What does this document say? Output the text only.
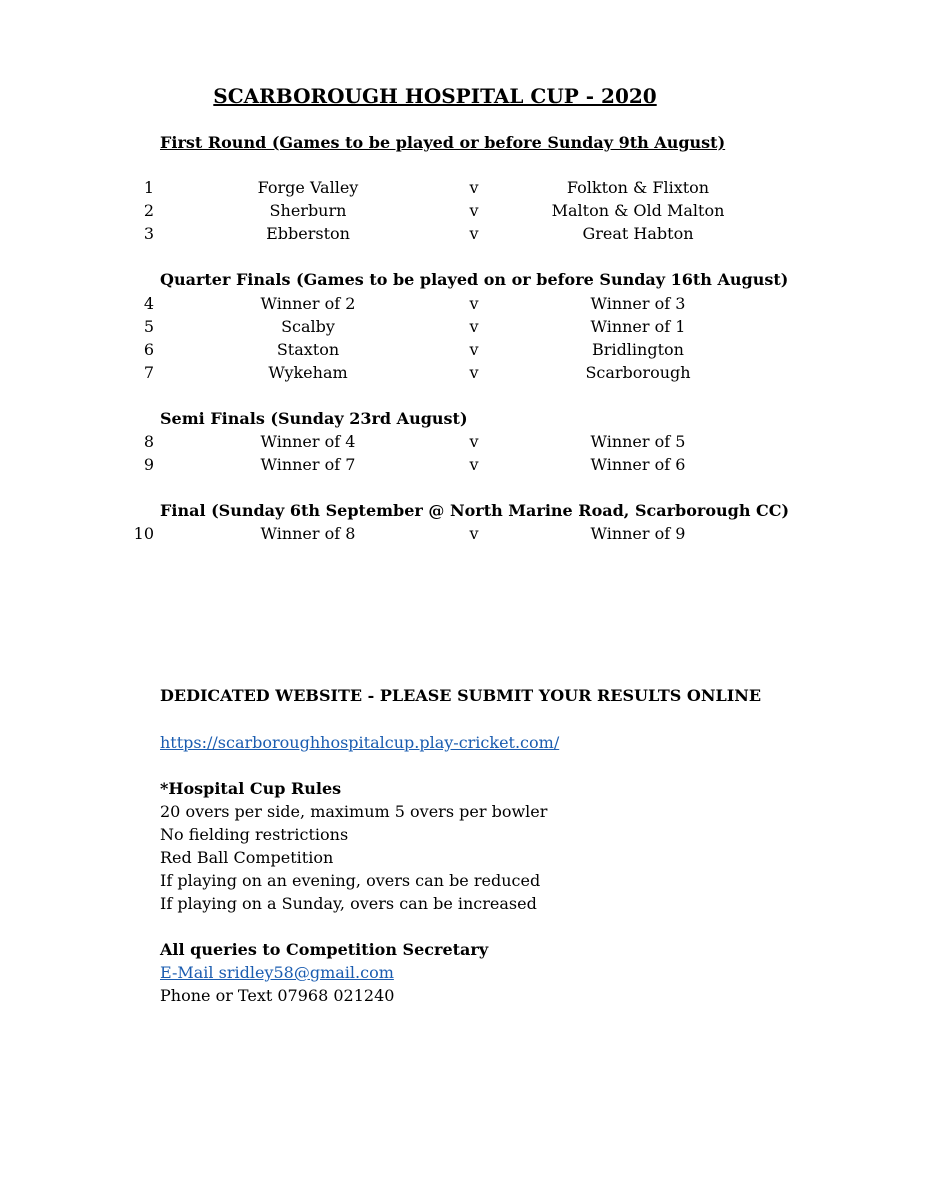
SCARBOROUGH HOSPITAL CUP - 2020
First Round (Games to be played or before Sunday 9th August)
1	Forge Valley	v	Folkton & Flixton
2	Sherburn	v	Malton & Old Malton
3	Ebberston	v	Great Habton
Quarter Finals (Games to be played on or before Sunday 16th August)
4	Winner of 2	v	Winner of 3
5	Scalby	v	Winner of 1
6	Staxton	v	Bridlington
7	Wykeham	v	Scarborough
Semi Finals (Sunday 23rd August)
8	Winner of 4	v	Winner of 5
9	Winner of 7	v	Winner of 6
Final (Sunday 6th September @ North Marine Road, Scarborough CC)
10	Winner of 8	v	Winner of 9
DEDICATED WEBSITE - PLEASE SUBMIT YOUR RESULTS ONLINE
https://scarboroughhospitalcup.play-cricket.com/
*Hospital Cup Rules
20 overs per side, maximum 5 overs per bowler
No fielding restrictions
Red Ball Competition
If playing on an evening, overs can be reduced
If playing on a Sunday, overs can be increased
All queries to Competition Secretary
E-Mail sridley58@gmail.com
Phone or Text 07968 021240
